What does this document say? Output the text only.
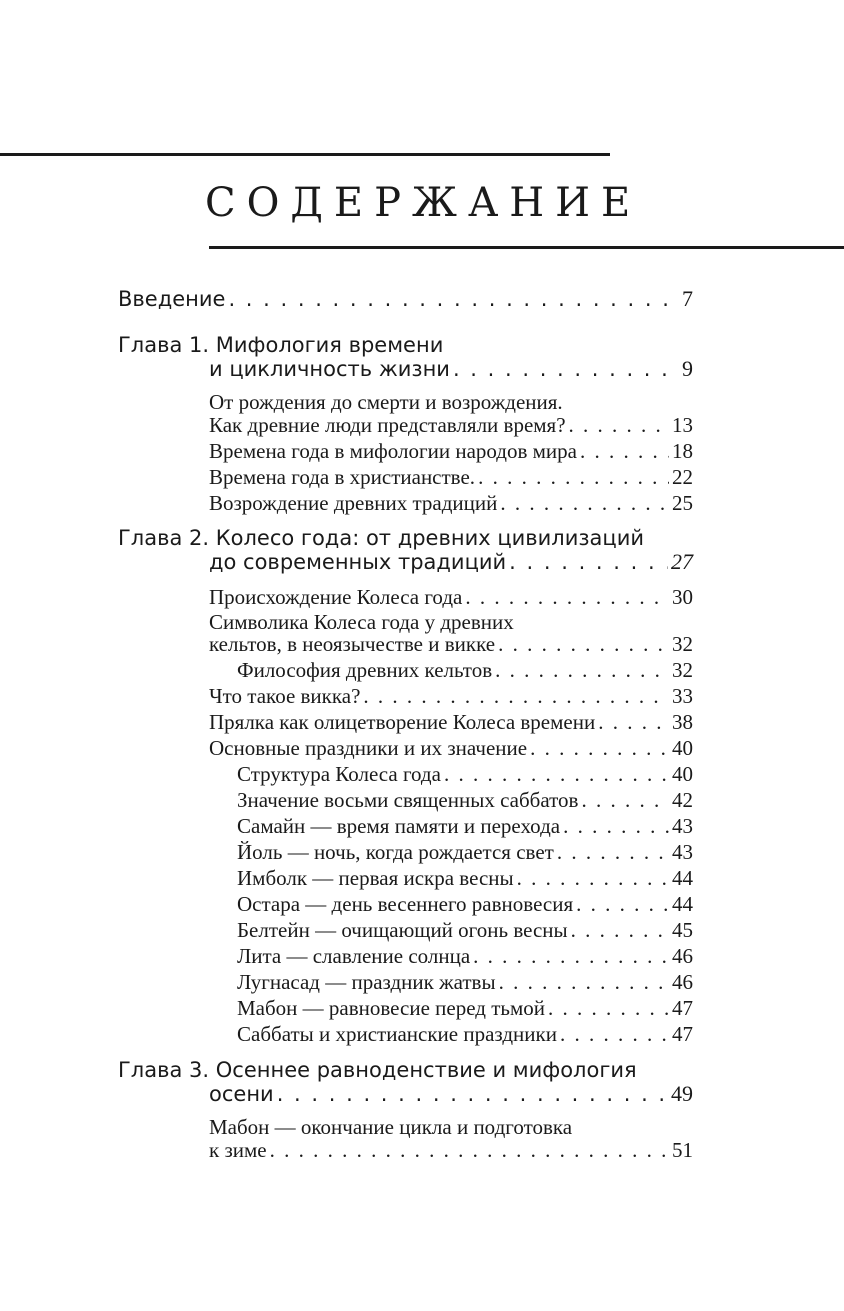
СОДЕРЖАНИЕ
Введение . . .	7
Глава 1. Мифология времени
и цикличность жизни . . .	9
От рождения до смерти и возрождения.
Как древние люди представляли время? . . .	13
Времена года в мифологии народов мира . . .	18
Времена года в христианстве. . . .	22
Возрождение древних традиций . . .	25
Глава 2. Колесо года: от древних цивилизаций
до современных традиций . . .	27
Происхождение Колеса года . . .	30
Символика Колеса года у древних
кельтов, в неоязычестве и викке . . .	32
Философия древних кельтов . . .	32
Что такое викка? . . .	33
Прялка как олицетворение Колеса времени . . .	38
Основные праздники и их значение . . .	40
Структура Колеса года . . .	40
Значение восьми священных саббатов . . .	42
Самайн — время памяти и перехода . . .	43
Йоль — ночь, когда рождается свет . . .	43
Имболк — первая искра весны . . .	44
Остара — день весеннего равновесия . . .	44
Белтейн — очищающий огонь весны . . .	45
Лита — славление солнца . . .	46
Лугнасад — праздник жатвы . . .	46
Мабон — равновесие перед тьмой . . .	47
Саббаты и христианские праздники . . .	47
Глава 3. Осеннее равноденствие и мифология
осени . . .	49
Мабон — окончание цикла и подготовка
к зиме . . .	51
